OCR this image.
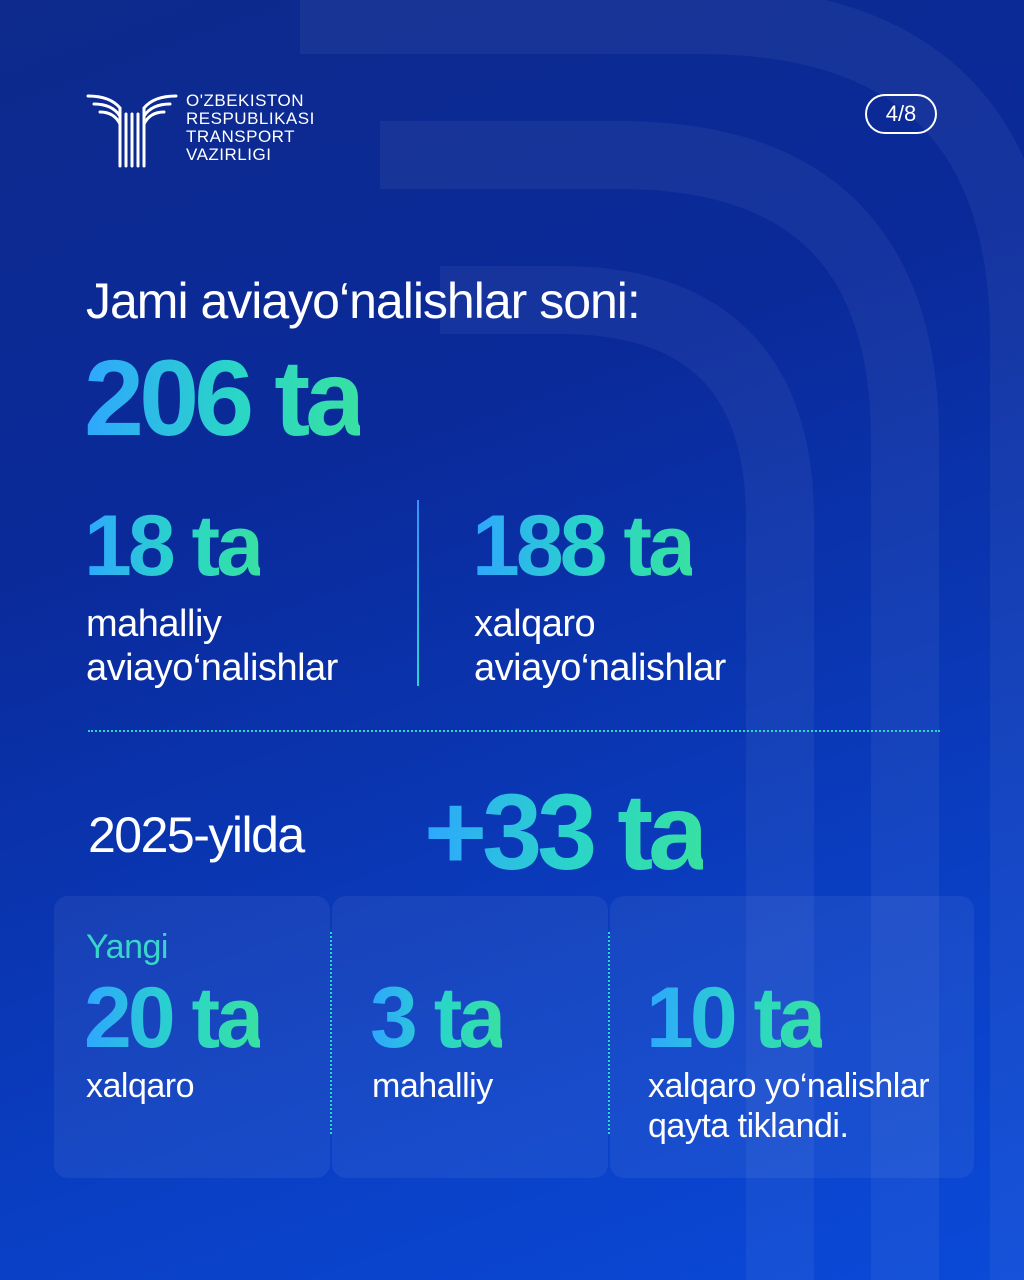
O'ZBEKISTON
RESPUBLIKASI
TRANSPORT
VAZIRLIGI
4/8
Jami aviayo‘nalishlar soni:
206 ta
18 ta
mahalliy
aviayo‘nalishlar
188 ta
xalqaro
aviayo‘nalishlar
2025-yilda +33 ta
Yangi
20 ta
xalqaro
3 ta
mahalliy
10 ta
xalqaro yo‘nalishlar
qayta tiklandi.
